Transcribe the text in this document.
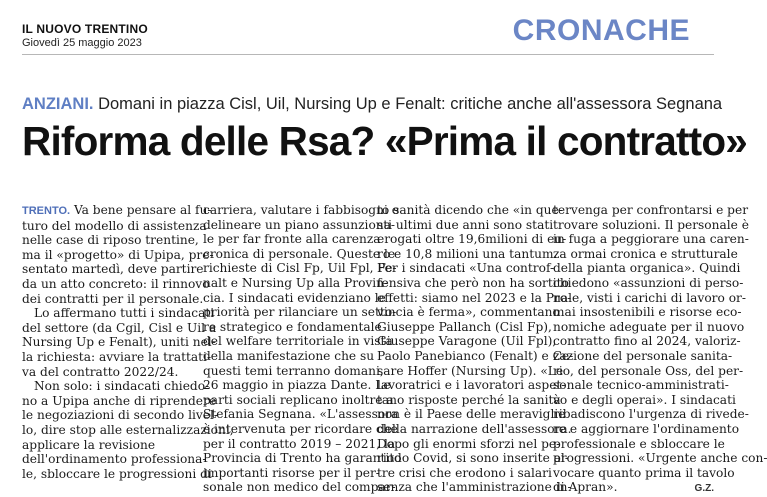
IL NUOVO TRENTINO
Giovedì 25 maggio 2023	CRONACHE
ANZIANI. Domani in piazza Cisl, Uil, Nursing Up e Fenalt: critiche anche all'assessora Segnana
Riforma delle Rsa? «Prima il contratto»
TRENTO. Va bene pensare al fu-
turo del modello di assistenza
nelle case di riposo trentine,
ma il «progetto» di Upipa, pre-
sentato martedì, deve partire
da un atto concreto: il rinnovo
dei contratti per il personale.
Lo affermano tutti i sindacati
del settore (da Cgil, Cisl e Uil a
Nursing Up e Fenalt), uniti nel-
la richiesta: avviare la trattati-
va del contratto 2022/24.
Non solo: i sindacati chiedo-
no a Upipa anche di riprendere
le negoziazioni di secondo livel-
lo, dire stop alle esternalizzazioni,
applicare la revisione
dell'ordinamento professiona-
le, sbloccare le progressioni di
carriera, valutare i fabbisogni e
delineare un piano assunziona-
le per far fronte alla carenza
cronica di personale. Queste le
richieste di Cisl Fp, Uil Fpl, Fe-
nalt e Nursing Up alla Provin-
cia. I sindacati evidenziano le
priorità per rilanciare un setto-
re strategico e fondamentale
del welfare territoriale in vista
della manifestazione che su
questi temi terranno domani,
26 maggio in piazza Dante. Le
parti sociali replicano inoltre a
Stefania Segnana. «L'assessora
è intervenuta per ricordare che
per il contratto 2019 – 2021, la
Provincia di Trento ha garantito
importanti risorse per il per-
sonale non medico del compar-
to sanità dicendo che «in que-
sti ultimi due anni sono stati
erogati oltre 19,6milioni di eu-
ro e 10,8 milioni una tantum.
Per i sindacati «Una controf-
fensiva che però non ha sortito
effetti: siamo nel 2023 e la Pro-
vincia è ferma», commentano
Giuseppe Pallanch (Cisl Fp),
Giuseppe Varagone (Uil Fpl),
Paolo Panebianco (Fenalt) e Ce-
sare Hoffer (Nursing Up). «Le
lavoratrici e i lavoratori aspet-
tano risposte perché la sanità
non è il Paese delle meraviglie
della narrazione dell'assessora.
Dopo gli enormi sforzi nel pe-
riodo Covid, si sono inserite al-
tre crisi che erodono i salari
senza che l'amministrazione in-
tervenga per confrontarsi e per
trovare soluzioni. Il personale è
in fuga a peggiorare una caren-
za ormai cronica e strutturale
della pianta organica». Quindi
chiedono «assunzioni di perso-
nale, visti i carichi di lavoro or-
mai insostenibili e risorse eco-
nomiche adeguate per il nuovo
contratto fino al 2024, valoriz-
zazione del personale sanita-
rio, del personale Oss, del per-
sonale tecnico-amministrati-
vo e degli operai». I sindacati
ribadiscono l'urgenza di rivede-
re e aggiornare l'ordinamento
professionale e sbloccare le
progressioni. «Urgente anche con-
vocare quanto prima il tavolo
di Apran».	G.Z.
